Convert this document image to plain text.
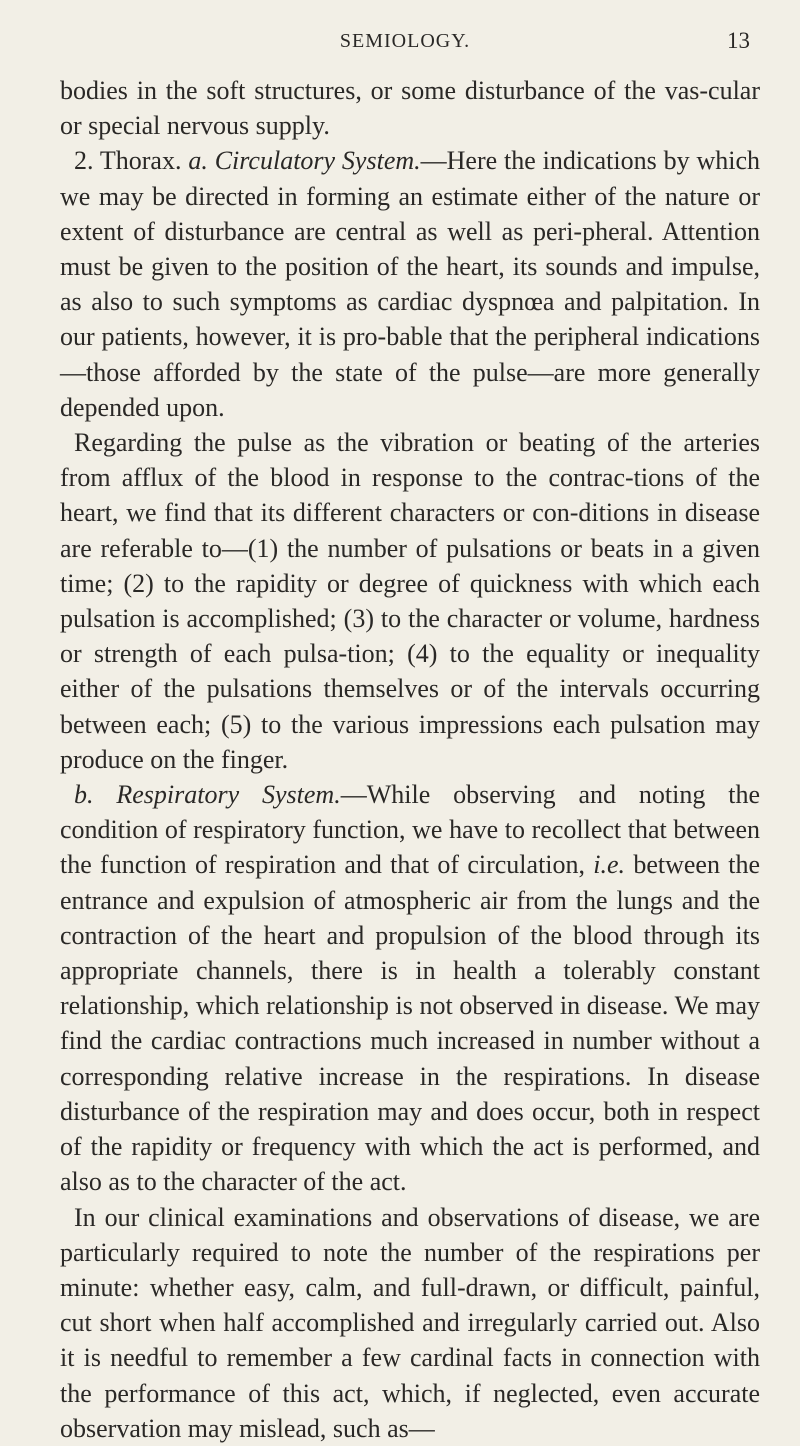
SEMIOLOGY.	13

bodies in the soft structures, or some disturbance of the vas-cular or special nervous supply.

2. Thorax. a. Circulatory System.—Here the indications by which we may be directed in forming an estimate either of the nature or extent of disturbance are central as well as peri-pheral. Attention must be given to the position of the heart, its sounds and impulse, as also to such symptoms as cardiac dyspnœa and palpitation. In our patients, however, it is pro-bable that the peripheral indications—those afforded by the state of the pulse—are more generally depended upon.

Regarding the pulse as the vibration or beating of the arteries from afflux of the blood in response to the contrac-tions of the heart, we find that its different characters or con-ditions in disease are referable to—(1) the number of pulsations or beats in a given time; (2) to the rapidity or degree of quickness with which each pulsation is accomplished; (3) to the character or volume, hardness or strength of each pulsa-tion; (4) to the equality or inequality either of the pulsations themselves or of the intervals occurring between each; (5) to the various impressions each pulsation may produce on the finger.

b. Respiratory System.—While observing and noting the condition of respiratory function, we have to recollect that between the function of respiration and that of circulation, i.e. between the entrance and expulsion of atmospheric air from the lungs and the contraction of the heart and propulsion of the blood through its appropriate channels, there is in health a tolerably constant relationship, which relationship is not observed in disease. We may find the cardiac contractions much increased in number without a corresponding relative increase in the respirations. In disease disturbance of the respiration may and does occur, both in respect of the rapidity or frequency with which the act is performed, and also as to the character of the act.

In our clinical examinations and observations of disease, we are particularly required to note the number of the respirations per minute: whether easy, calm, and full-drawn, or difficult, painful, cut short when half accomplished and irregularly carried out. Also it is needful to remember a few cardinal facts in connection with the performance of this act, which, if neglected, even accurate observation may mislead, such as—
